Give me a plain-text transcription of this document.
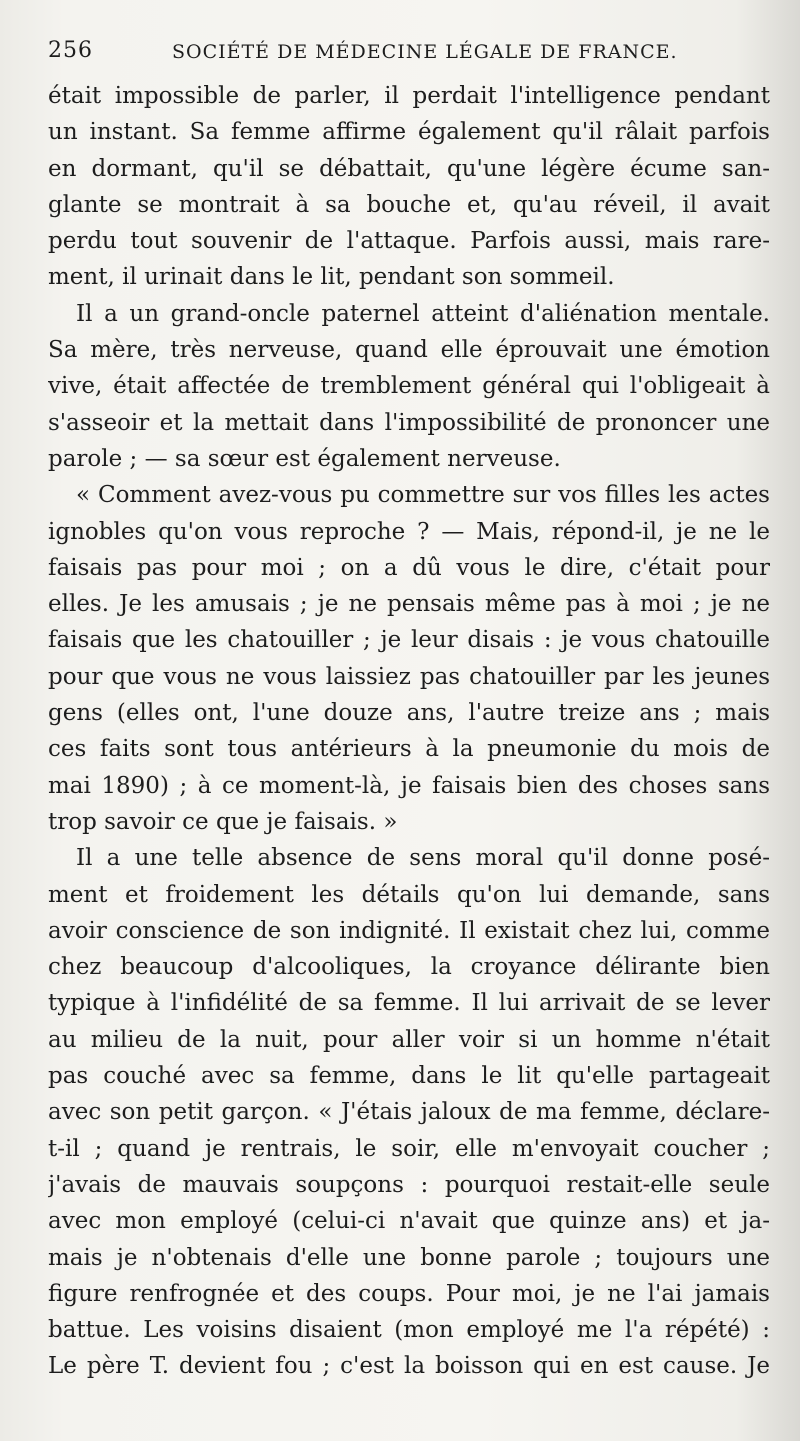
256	SOCIÉTÉ DE MÉDECINE LÉGALE DE FRANCE.
était impossible de parler, il perdait l'intelligence pendant
un instant. Sa femme affirme également qu'il râlait parfois
en dormant, qu'il se débattait, qu'une légère écume san-
glante se montrait à sa bouche et, qu'au réveil, il avait
perdu tout souvenir de l'attaque. Parfois aussi, mais rare-
ment, il urinait dans le lit, pendant son sommeil.
Il a un grand-oncle paternel atteint d'aliénation mentale.
Sa mère, très nerveuse, quand elle éprouvait une émotion
vive, était affectée de tremblement général qui l'obligeait à
s'asseoir et la mettait dans l'impossibilité de prononcer une
parole ; — sa sœur est également nerveuse.
« Comment avez-vous pu commettre sur vos filles les actes
ignobles qu'on vous reproche ? — Mais, répond-il, je ne le
faisais pas pour moi ; on a dû vous le dire, c'était pour
elles. Je les amusais ; je ne pensais même pas à moi ; je ne
faisais que les chatouiller ; je leur disais : je vous chatouille
pour que vous ne vous laissiez pas chatouiller par les jeunes
gens (elles ont, l'une douze ans, l'autre treize ans ; mais
ces faits sont tous antérieurs à la pneumonie du mois de
mai 1890) ; à ce moment-là, je faisais bien des choses sans
trop savoir ce que je faisais. »
Il a une telle absence de sens moral qu'il donne posé-
ment et froidement les détails qu'on lui demande, sans
avoir conscience de son indignité. Il existait chez lui, comme
chez beaucoup d'alcooliques, la croyance délirante bien
typique à l'infidélité de sa femme. Il lui arrivait de se lever
au milieu de la nuit, pour aller voir si un homme n'était
pas couché avec sa femme, dans le lit qu'elle partageait
avec son petit garçon. « J'étais jaloux de ma femme, déclare-
t-il ; quand je rentrais, le soir, elle m'envoyait coucher ;
j'avais de mauvais soupçons : pourquoi restait-elle seule
avec mon employé (celui-ci n'avait que quinze ans) et ja-
mais je n'obtenais d'elle une bonne parole ; toujours une
figure renfrognée et des coups. Pour moi, je ne l'ai jamais
battue. Les voisins disaient (mon employé me l'a répété) :
Le père T. devient fou ; c'est la boisson qui en est cause. Je
